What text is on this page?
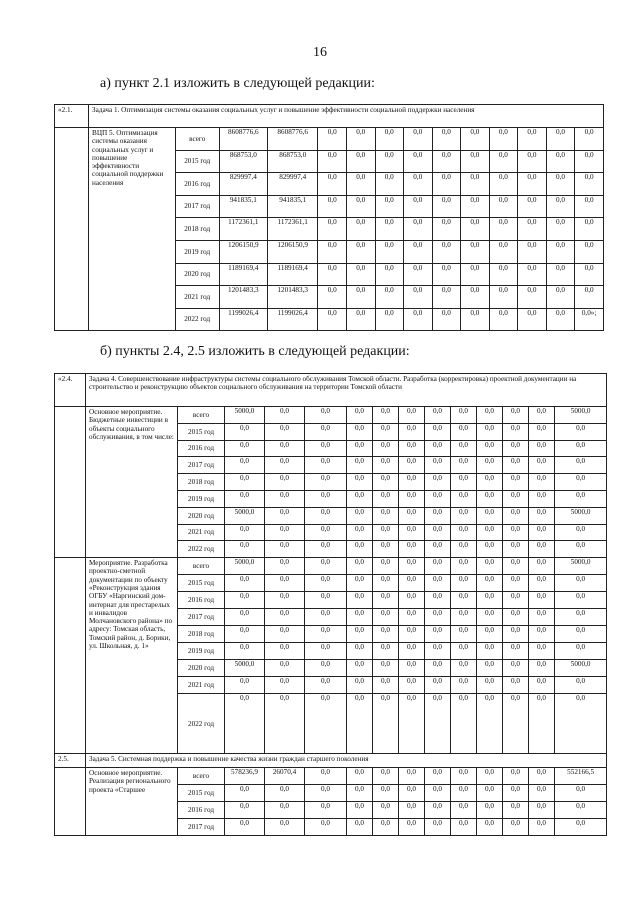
16
а) пункт 2.1 изложить в следующей редакции:
«2.1.	Задача 1. Оптимизация системы оказания социальных услуг и повышение эффективности социальной поддержки населения													
	ВЦП 5. Оптимизация системы оказания социальных услуг и повышение эффективности социальной поддержки населения	всего	8608776,6	8608776,6	0,0	0,0	0,0	0,0	0,0	0,0	0,0	0,0	0,0	0,0
		2015 год	868753,0	868753,0	0,0	0,0	0,0	0,0	0,0	0,0	0,0	0,0	0,0	0,0
		2016 год	829997,4	829997,4	0,0	0,0	0,0	0,0	0,0	0,0	0,0	0,0	0,0	0,0
		2017 год	941835,1	941835,1	0,0	0,0	0,0	0,0	0,0	0,0	0,0	0,0	0,0	0,0
		2018 год	1172361,1	1172361,1	0,0	0,0	0,0	0,0	0,0	0,0	0,0	0,0	0,0	0,0
		2019 год	1206150,9	1206150,9	0,0	0,0	0,0	0,0	0,0	0,0	0,0	0,0	0,0	0,0
		2020 год	1189169,4	1189169,4	0,0	0,0	0,0	0,0	0,0	0,0	0,0	0,0	0,0	0,0
		2021 год	1201483,3	1201483,3	0,0	0,0	0,0	0,0	0,0	0,0	0,0	0,0	0,0	0,0
		2022 год	1199026,4	1199026,4	0,0	0,0	0,0	0,0	0,0	0,0	0,0	0,0	0,0	0,0»;
б) пункты 2.4, 2.5 изложить в следующей редакции:
«2.4.	Задача 4. Совершенствование инфраструктуры системы социального обслуживания Томской области. Разработка (корректировка) проектной документации на строительство и реконструкцию объектов социального обслуживания на территории Томской области													
	Основное мероприятие. Бюджетные инвестиции в объекты социального обслуживания, в том числе:	всего	5000,0	0,0	0,0	0,0	0,0	0,0	0,0	0,0	0,0	0,0	0,0	5000,0
		2015 год	0,0	0,0	0,0	0,0	0,0	0,0	0,0	0,0	0,0	0,0	0,0	0,0
		2016 год	0,0	0,0	0,0	0,0	0,0	0,0	0,0	0,0	0,0	0,0	0,0	0,0
		2017 год	0,0	0,0	0,0	0,0	0,0	0,0	0,0	0,0	0,0	0,0	0,0	0,0
		2018 год	0,0	0,0	0,0	0,0	0,0	0,0	0,0	0,0	0,0	0,0	0,0	0,0
		2019 год	0,0	0,0	0,0	0,0	0,0	0,0	0,0	0,0	0,0	0,0	0,0	0,0
		2020 год	5000,0	0,0	0,0	0,0	0,0	0,0	0,0	0,0	0,0	0,0	0,0	5000,0
		2021 год	0,0	0,0	0,0	0,0	0,0	0,0	0,0	0,0	0,0	0,0	0,0	0,0
		2022 год	0,0	0,0	0,0	0,0	0,0	0,0	0,0	0,0	0,0	0,0	0,0	0,0
	Мероприятие. Разработка проектно-сметной документации по объекту «Реконструкция здания ОГБУ «Наргинский дом-интернат для престарелых и инвалидов Молчановского района» по адресу: Томская область, Томский район, д. Борики, ул. Школьная, д. 1»	всего	5000,0	0,0	0,0	0,0	0,0	0,0	0,0	0,0	0,0	0,0	0,0	5000,0
		2015 год	0,0	0,0	0,0	0,0	0,0	0,0	0,0	0,0	0,0	0,0	0,0	0,0
		2016 год	0,0	0,0	0,0	0,0	0,0	0,0	0,0	0,0	0,0	0,0	0,0	0,0
		2017 год	0,0	0,0	0,0	0,0	0,0	0,0	0,0	0,0	0,0	0,0	0,0	0,0
		2018 год	0,0	0,0	0,0	0,0	0,0	0,0	0,0	0,0	0,0	0,0	0,0	0,0
		2019 год	0,0	0,0	0,0	0,0	0,0	0,0	0,0	0,0	0,0	0,0	0,0	0,0
		2020 год	5000,0	0,0	0,0	0,0	0,0	0,0	0,0	0,0	0,0	0,0	0,0	5000,0
		2021 год	0,0	0,0	0,0	0,0	0,0	0,0	0,0	0,0	0,0	0,0	0,0	0,0
		2022 год	0,0	0,0	0,0	0,0	0,0	0,0	0,0	0,0	0,0	0,0	0,0	0,0
2.5.	Задача 5. Системная поддержка и повышение качества жизни граждан старшего поколения													
	Основное мероприятие. Реализация регионального проекта «Старшее	всего	578236,9	26070,4	0,0	0,0	0,0	0,0	0,0	0,0	0,0	0,0	0,0	552166,5
		2015 год	0,0	0,0	0,0	0,0	0,0	0,0	0,0	0,0	0,0	0,0	0,0	0,0
		2016 год	0,0	0,0	0,0	0,0	0,0	0,0	0,0	0,0	0,0	0,0	0,0	0,0
		2017 год	0,0	0,0	0,0	0,0	0,0	0,0	0,0	0,0	0,0	0,0	0,0	0,0
